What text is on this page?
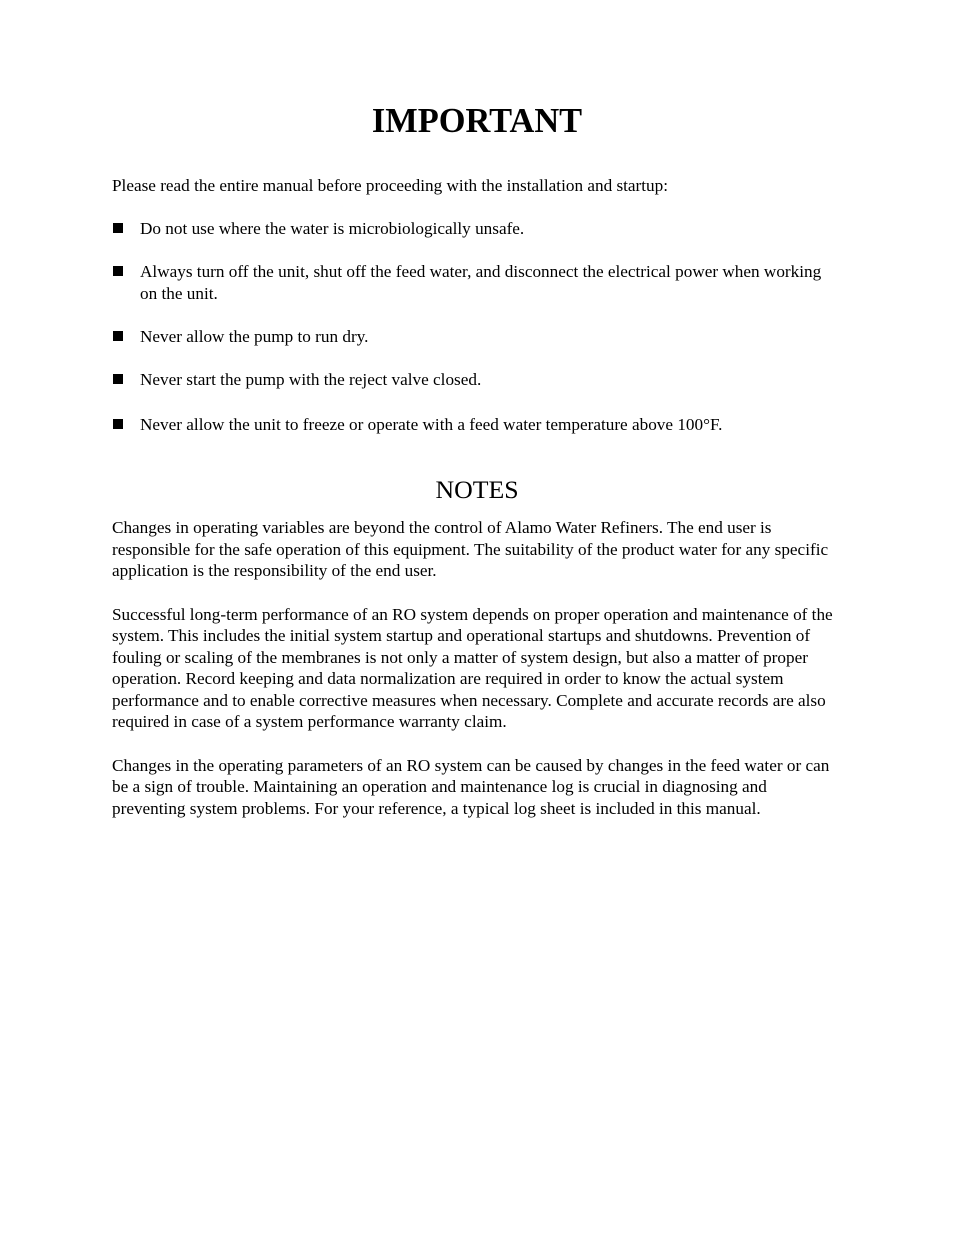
IMPORTANT

Please read the entire manual before proceeding with the installation and startup:

Do not use where the water is microbiologically unsafe.
Always turn off the unit, shut off the feed water, and disconnect the electrical power when working on the unit.
Never allow the pump to run dry.
Never start the pump with the reject valve closed.
Never allow the unit to freeze or operate with a feed water temperature above 100°F.
NOTES

Changes in operating variables are beyond the control of Alamo Water Refiners. The end user is responsible for the safe operation of this equipment. The suitability of the product water for any specific application is the responsibility of the end user.

Successful long-term performance of an RO system depends on proper operation and maintenance of the system. This includes the initial system startup and operational startups and shutdowns. Prevention of fouling or scaling of the membranes is not only a matter of system design, but also a matter of proper operation. Record keeping and data normalization are required in order to know the actual system performance and to enable corrective measures when necessary. Complete and accurate records are also required in case of a system performance warranty claim.

Changes in the operating parameters of an RO system can be caused by changes in the feed water or can be a sign of trouble. Maintaining an operation and maintenance log is crucial in diagnosing and preventing system problems. For your reference, a typical log sheet is included in this manual.
